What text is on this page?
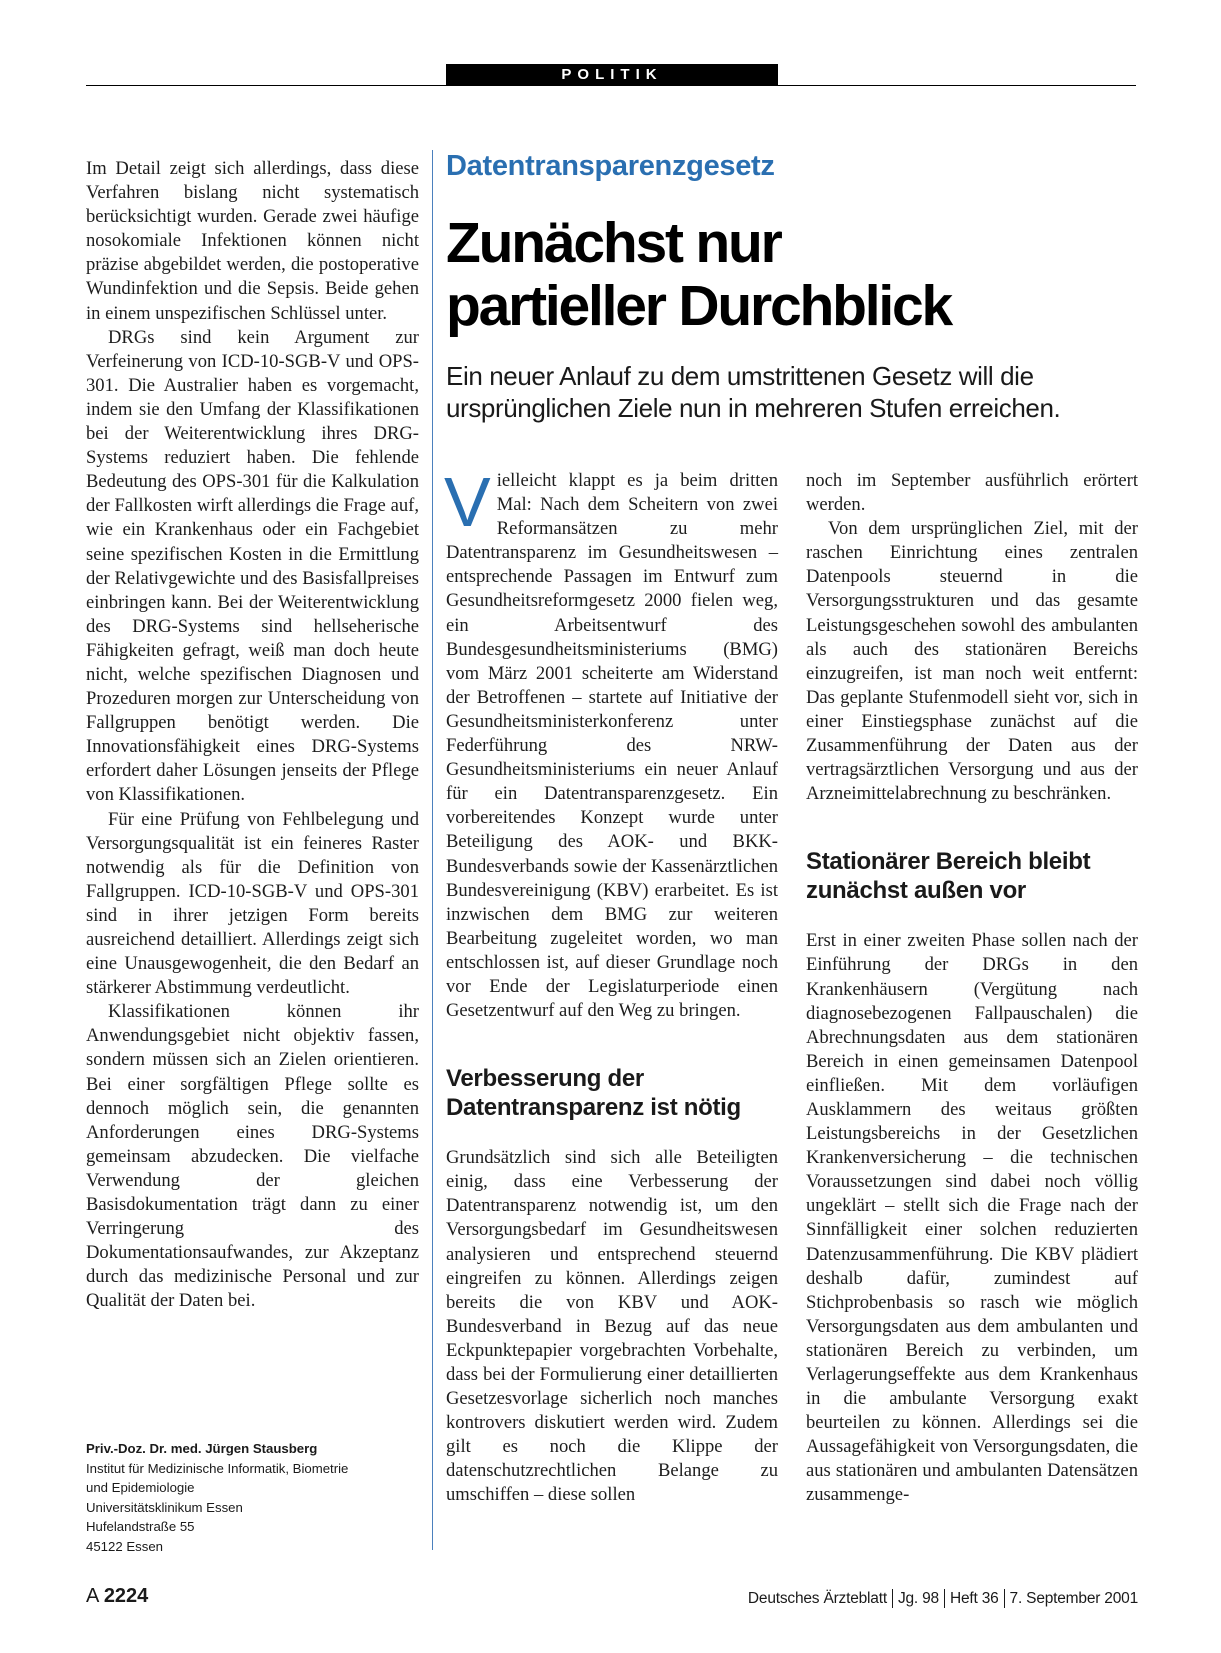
POLITIK

Im Detail zeigt sich allerdings, dass diese Verfahren bislang nicht systematisch berücksichtigt wurden. Gerade zwei häufige nosokomiale Infektionen können nicht präzise abgebildet werden, die postoperative Wundinfektion und die Sepsis. Beide gehen in einem unspezifischen Schlüssel unter.

DRGs sind kein Argument zur Verfeinerung von ICD-10-SGB-V und OPS-301. Die Australier haben es vorgemacht, indem sie den Umfang der Klassifikationen bei der Weiterentwicklung ihres DRG-Systems reduziert haben. Die fehlende Bedeutung des OPS-301 für die Kalkulation der Fallkosten wirft allerdings die Frage auf, wie ein Krankenhaus oder ein Fachgebiet seine spezifischen Kosten in die Ermittlung der Relativgewichte und des Basisfallpreises einbringen kann. Bei der Weiterentwicklung des DRG-Systems sind hellseherische Fähigkeiten gefragt, weiß man doch heute nicht, welche spezifischen Diagnosen und Prozeduren morgen zur Unterscheidung von Fallgruppen benötigt werden. Die Innovationsfähigkeit eines DRG-Systems erfordert daher Lösungen jenseits der Pflege von Klassifikationen.

Für eine Prüfung von Fehlbelegung und Versorgungsqualität ist ein feineres Raster notwendig als für die Definition von Fallgruppen. ICD-10-SGB-V und OPS-301 sind in ihrer jetzigen Form bereits ausreichend detailliert. Allerdings zeigt sich eine Unausgewogenheit, die den Bedarf an stärkerer Abstimmung verdeutlicht.

Klassifikationen können ihr Anwendungsgebiet nicht objektiv fassen, sondern müssen sich an Zielen orientieren. Bei einer sorgfältigen Pflege sollte es dennoch möglich sein, die genannten Anforderungen eines DRG-Systems gemeinsam abzudecken. Die vielfache Verwendung der gleichen Basisdokumentation trägt dann zu einer Verringerung des Dokumentationsaufwandes, zur Akzeptanz durch das medizinische Personal und zur Qualität der Daten bei.

Priv.-Doz. Dr. med. Jürgen Stausberg
Institut für Medizinische Informatik, Biometrie
und Epidemiologie
Universitätsklinikum Essen
Hufelandstraße 55
45122 Essen
Datentransparenzgesetz
Zunächst nur
partieller Durchblick
Ein neuer Anlauf zu dem umstrittenen Gesetz will die ursprünglichen Ziele nun in mehreren Stufen erreichen.

Vielleicht klappt es ja beim dritten Mal: Nach dem Scheitern von zwei Reformansätzen zu mehr Datentransparenz im Gesundheitswesen – entsprechende Passagen im Entwurf zum Gesundheitsreformgesetz 2000 fielen weg, ein Arbeitsentwurf des Bundesgesundheitsministeriums (BMG) vom März 2001 scheiterte am Widerstand der Betroffenen – startete auf Initiative der Gesundheitsministerkonferenz unter Federführung des NRW-Gesundheitsministeriums ein neuer Anlauf für ein Datentransparenzgesetz. Ein vorbereitendes Konzept wurde unter Beteiligung des AOK- und BKK-Bundesverbands sowie der Kassenärztlichen Bundesvereinigung (KBV) erarbeitet. Es ist inzwischen dem BMG zur weiteren Bearbeitung zugeleitet worden, wo man entschlossen ist, auf dieser Grundlage noch vor Ende der Legislaturperiode einen Gesetzentwurf auf den Weg zu bringen.

Verbesserung der Datentransparenz ist nötig

Grundsätzlich sind sich alle Beteiligten einig, dass eine Verbesserung der Datentransparenz notwendig ist, um den Versorgungsbedarf im Gesundheitswesen analysieren und entsprechend steuernd eingreifen zu können. Allerdings zeigen bereits die von KBV und AOK-Bundesverband in Bezug auf das neue Eckpunktepapier vorgebrachten Vorbehalte, dass bei der Formulierung einer detaillierten Gesetzesvorlage sicherlich noch manches kontrovers diskutiert werden wird. Zudem gilt es noch die Klippe der datenschutzrechtlichen Belange zu umschiffen – diese sollen

noch im September ausführlich erörtert werden.

Von dem ursprünglichen Ziel, mit der raschen Einrichtung eines zentralen Datenpools steuernd in die Versorgungsstrukturen und das gesamte Leistungsgeschehen sowohl des ambulanten als auch des stationären Bereichs einzugreifen, ist man noch weit entfernt: Das geplante Stufenmodell sieht vor, sich in einer Einstiegsphase zunächst auf die Zusammenführung der Daten aus der vertragsärztlichen Versorgung und aus der Arzneimittelabrechnung zu beschränken.

Stationärer Bereich bleibt zunächst außen vor

Erst in einer zweiten Phase sollen nach der Einführung der DRGs in den Krankenhäusern (Vergütung nach diagnosebezogenen Fallpauschalen) die Abrechnungsdaten aus dem stationären Bereich in einen gemeinsamen Datenpool einfließen. Mit dem vorläufigen Ausklammern des weitaus größten Leistungsbereichs in der Gesetzlichen Krankenversicherung – die technischen Voraussetzungen sind dabei noch völlig ungeklärt – stellt sich die Frage nach der Sinnfälligkeit einer solchen reduzierten Datenzusammenführung. Die KBV plädiert deshalb dafür, zumindest auf Stichprobenbasis so rasch wie möglich Versorgungsdaten aus dem ambulanten und stationären Bereich zu verbinden, um Verlagerungseffekte aus dem Krankenhaus in die ambulante Versorgung exakt beurteilen zu können. Allerdings sei die Aussagefähigkeit von Versorgungsdaten, die aus stationären und ambulanten Datensätzen zusammenge-

A 2224	Deutsches Ärzteblatt Jg. 98 Heft 36 7. September 2001
